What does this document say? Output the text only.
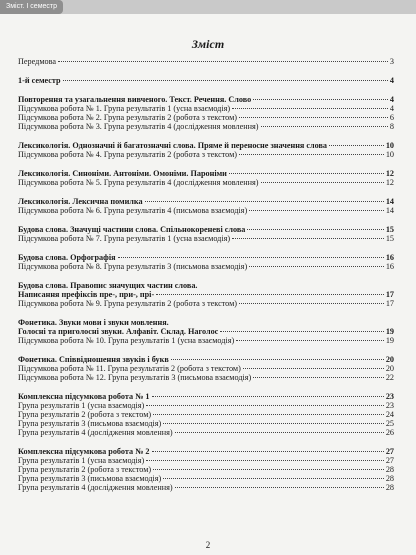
Зміст. І семестр
Зміст
Передмова	3
1-й семестр	4
Повторення та узагальнення вивченого. Текст. Речення. Слово	4
Підсумкова робота № 1. Група результатів 1 (усна взаємодія)	4
Підсумкова робота № 2. Група результатів 2 (робота з текстом)	6
Підсумкова робота № 3. Група результатів 4 (дослідження мовлення)	8
Лексикологія. Однозначні й багатозначні слова. Пряме й переносне значення слова	10
Підсумкова робота № 4. Група результатів 2 (робота з текстом)	10
Лексикологія. Синоніми. Антоніми. Омоніми. Пароніми	12
Підсумкова робота № 5. Група результатів 4 (дослідження мовлення)	12
Лексикологія. Лексична помилка	14
Підсумкова робота № 6. Група результатів 4 (письмова взаємодія)	14
Будова слова. Значущі частини слова. Спільнокореневі слова	15
Підсумкова робота № 7. Група результатів 1 (усна взаємодія)	15
Будова слова. Орфографія	16
Підсумкова робота № 8. Група результатів 3 (письмова взаємодія)	16
Будова слова. Правопис значущих частин слова.
Написання префіксів пре-, при-, прі-	17
Підсумкова робота № 9. Група результатів 2 (робота з текстом)	17
Фонетика. Звуки мови і звуки мовлення.
Голосні та приголосні звуки. Алфавіт. Склад. Наголос	19
Підсумкова робота № 10. Група результатів 1 (усна взаємодія)	19
Фонетика. Співвідношення звуків і букв	20
Підсумкова робота № 11. Група результатів 2 (робота з текстом)	20
Підсумкова робота № 12. Група результатів 3 (письмова взаємодія)	22
Комплексна підсумкова робота № 1	23
Група результатів 1 (усна взаємодія)	23
Група результатів 2 (робота з текстом)	24
Група результатів 3 (письмова взаємодія)	25
Група результатів 4 (дослідження мовлення)	26
Комплексна підсумкова робота № 2	27
Група результатів 1 (усна взаємодія)	27
Група результатів 2 (робота з текстом)	28
Група результатів 3 (письмова взаємодія)	28
Група результатів 4 (дослідження мовлення)	28
2
